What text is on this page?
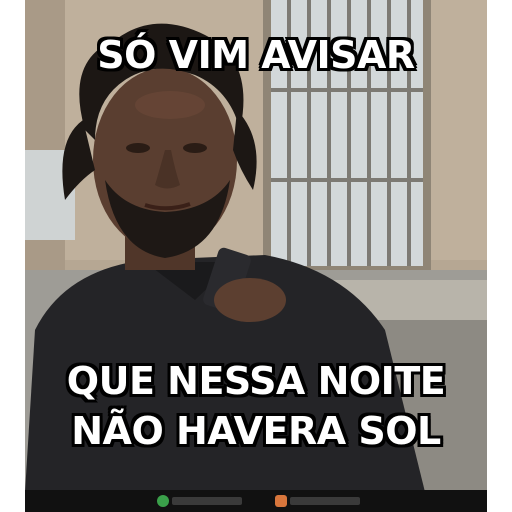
SÓ VIM AVISAR
QUE NESSA NOITE
NÃO HAVERA SOL
